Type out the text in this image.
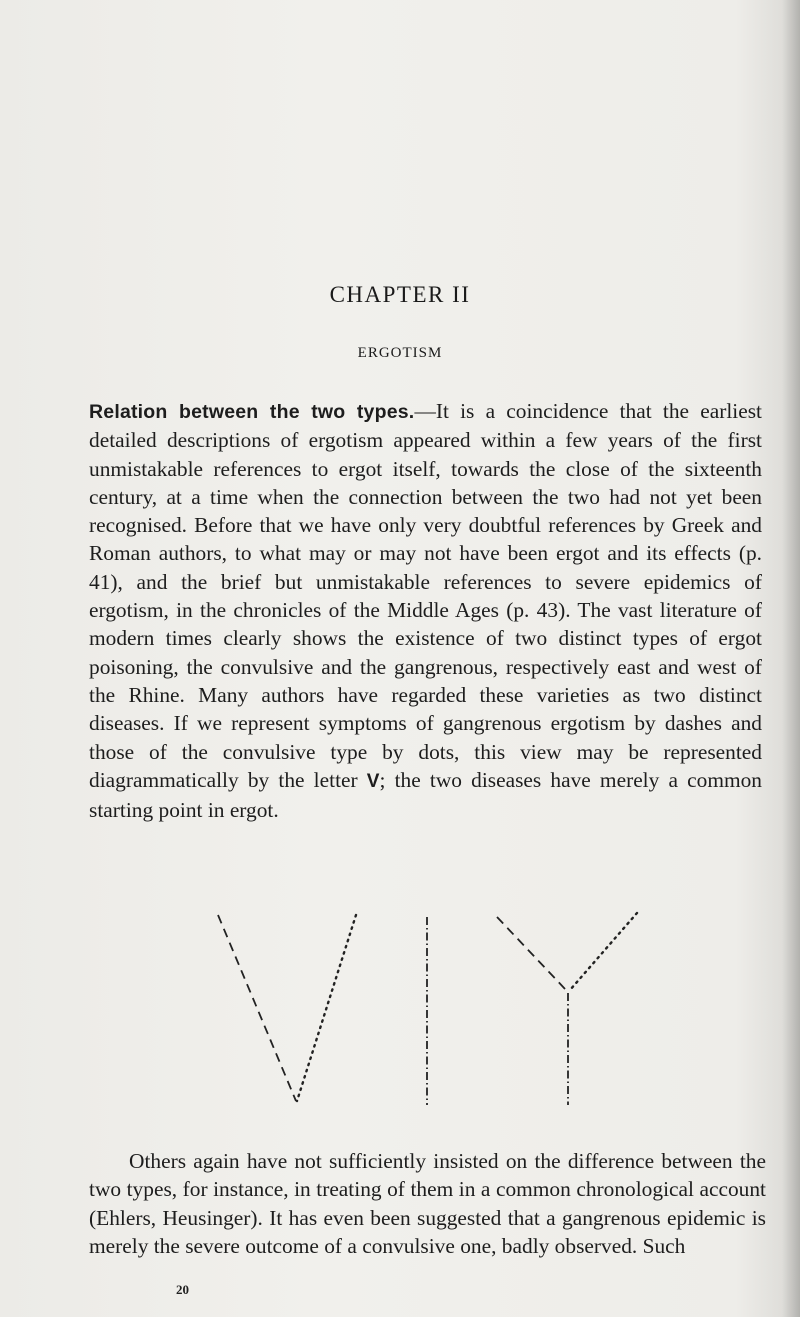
CHAPTER II
ERGOTISM
Relation between the two types.—It is a coincidence that the earliest detailed descriptions of ergotism appeared within a few years of the first unmistakable references to ergot itself, towards the close of the sixteenth century, at a time when the connection between the two had not yet been recognised. Before that we have only very doubtful references by Greek and Roman authors, to what may or may not have been ergot and its effects (p. 41), and the brief but unmistakable references to severe epidemics of ergotism, in the chronicles of the Middle Ages (p. 43). The vast literature of modern times clearly shows the existence of two distinct types of ergot poisoning, the convulsive and the gangrenous, respectively east and west of the Rhine. Many authors have regarded these varieties as two distinct diseases. If we represent symptoms of gangrenous ergotism by dashes and those of the convulsive type by dots, this view may be represented diagrammatically by the letter V; the two diseases have merely a common starting point in ergot.
Others again have not sufficiently insisted on the difference between the two types, for instance, in treating of them in a common chronological account (Ehlers, Heusinger). It has even been suggested that a gangrenous epidemic is merely the severe outcome of a convulsive one, badly observed. Such
20
